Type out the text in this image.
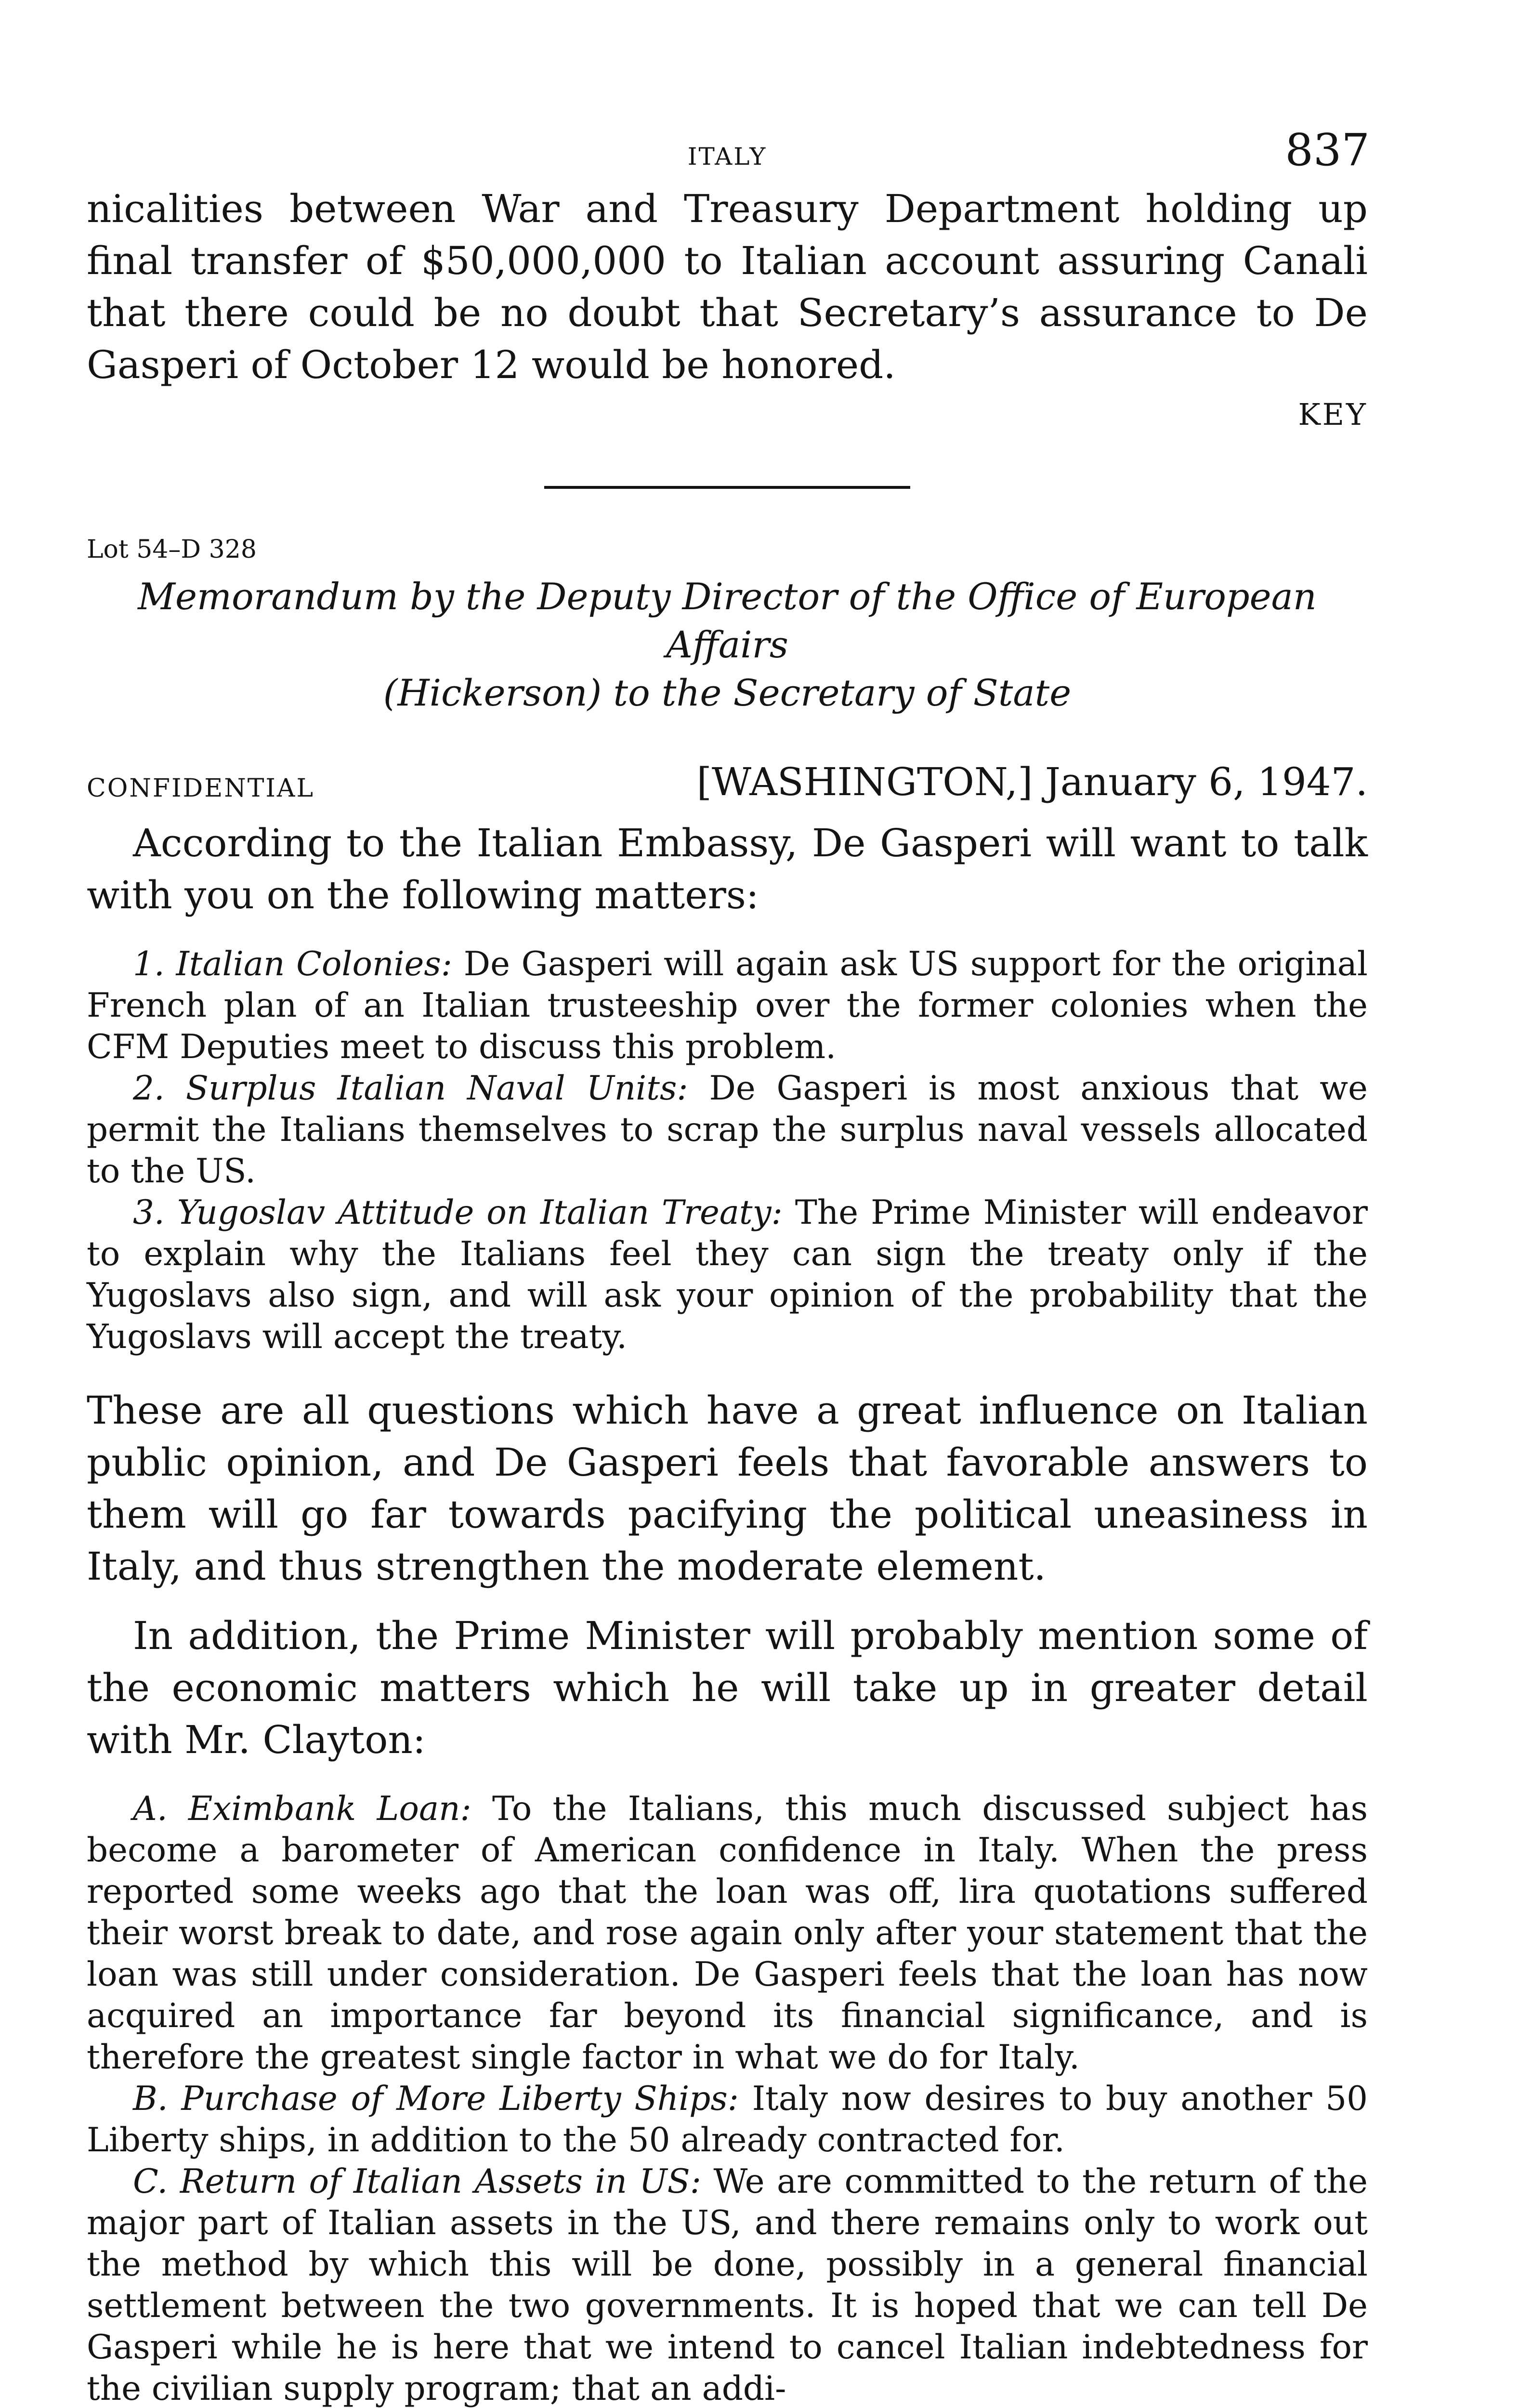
ITALY	837

nicalities between War and Treasury Department holding up final transfer of $50,000,000 to Italian account assuring Canali that there could be no doubt that Secretary’s assurance to De Gasperi of October 12 would be honored.

KEY
Lot 54–D 328
Memorandum by the Deputy Director of the Office of European Affairs
(Hickerson) to the Secretary of State
CONFIDENTIAL	[WASHINGTON,] January 6, 1947.

According to the Italian Embassy, De Gasperi will want to talk with you on the following matters:

1. Italian Colonies: De Gasperi will again ask US support for the original French plan of an Italian trusteeship over the former colonies when the CFM Deputies meet to discuss this problem.

2. Surplus Italian Naval Units: De Gasperi is most anxious that we permit the Italians themselves to scrap the surplus naval vessels allocated to the US.

3. Yugoslav Attitude on Italian Treaty: The Prime Minister will endeavor to explain why the Italians feel they can sign the treaty only if the Yugoslavs also sign, and will ask your opinion of the probability that the Yugoslavs will accept the treaty.

These are all questions which have a great influence on Italian public opinion, and De Gasperi feels that favorable answers to them will go far towards pacifying the political uneasiness in Italy, and thus strengthen the moderate element.

In addition, the Prime Minister will probably mention some of the economic matters which he will take up in greater detail with Mr. Clayton:

A. Eximbank Loan: To the Italians, this much discussed subject has become a barometer of American confidence in Italy. When the press reported some weeks ago that the loan was off, lira quotations suffered their worst break to date, and rose again only after your statement that the loan was still under consideration. De Gasperi feels that the loan has now acquired an importance far beyond its financial significance, and is therefore the greatest single factor in what we do for Italy.

B. Purchase of More Liberty Ships: Italy now desires to buy another 50 Liberty ships, in addition to the 50 already contracted for.

C. Return of Italian Assets in US: We are committed to the return of the major part of Italian assets in the US, and there remains only to work out the method by which this will be done, possibly in a general financial settlement between the two governments. It is hoped that we can tell De Gasperi while he is here that we intend to cancel Italian indebtedness for the civilian supply program; that an addi-
